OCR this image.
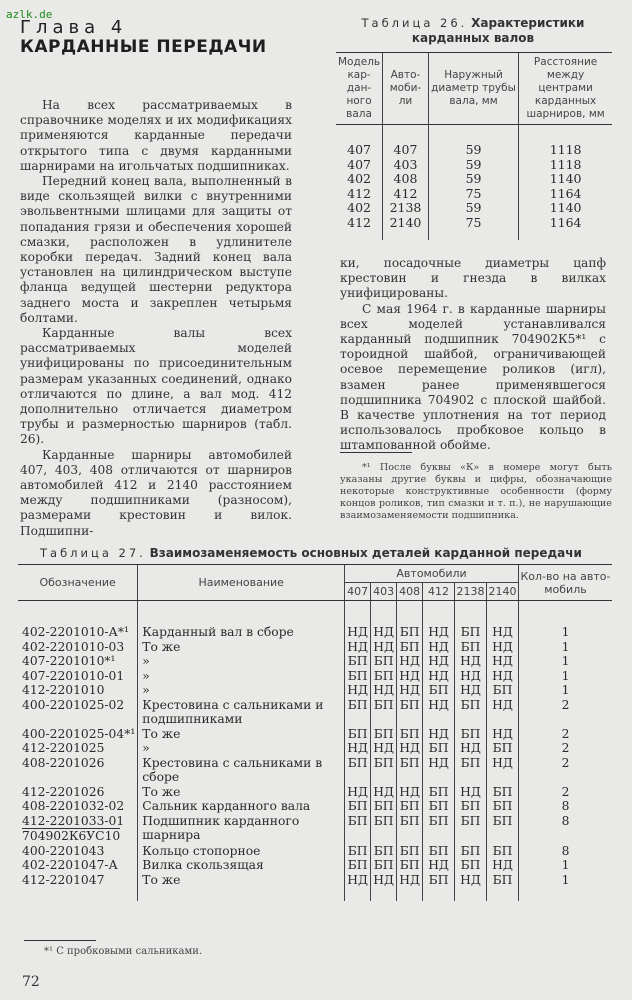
azlk.de
Глава 4
КАРДАННЫЕ ПЕРЕДАЧИ

На всех рассматриваемых в справочнике моделях и их модификациях применяются карданные передачи открытого типа с двумя карданными шарнирами на игольчатых подшипниках.

Передний конец вала, выполненный в виде скользящей вилки с внутренними эвольвентными шлицами для защиты от попадания грязи и обеспечения хорошей смазки, расположен в удлинителе коробки передач. Задний конец вала установлен на цилиндрическом выступе фланца ведущей шестерни редуктора заднего моста и закреплен четырьмя болтами.

Карданные валы всех рассматриваемых моделей унифицированы по присоединительным размерам указанных соединений, однако отличаются по длине, а вал мод. 412 дополнительно отличается диаметром трубы и размерностью шарниров (табл. 26).

Карданные шарниры автомобилей 407, 403, 408 отличаются от шарниров автомобилей 412 и 2140 расстоянием между подшипниками (разносом), размерами крестовин и вилок. Подшипни-

Таблица 26. Характеристики карданных валов
Модель кар- дан- ного вала	Авто- моби- ли	Наружный диаметр трубы вала, мм	Расстояние между центрами карданных шарниров, мм
407	407	59	1118
407	403	59	1118
402	408	59	1140
412	412	75	1164
402	2138	59	1140
412	2140	75	1164

ки, посадочные диаметры цапф крестовин и гнезда в вилках унифицированы.

С мая 1964 г. в карданные шарниры всех моделей устанавливался карданный подшипник 704902К5*¹ с тороидной шайбой, ограничивающей осевое перемещение роликов (игл), взамен ранее применявшегося подшипника 704902 с плоской шайбой. В качестве уплотнения на тот период использовалось пробковое кольцо в штампованной обойме.

*¹ После буквы «К» в номере могут быть указаны другие буквы и цифры, обозначающие некоторые конструктивные особенности (форму концов роликов, тип смазки и т. п.), не нарушающие взаимозаменяемости подшипника.
Таблица 27. Взаимозаменяемость основных деталей карданной передачи
Обозначение	Наименование	Автомобили						Кол-во на авто- мобиль
		407	403	408	412	2138	2140	
402-2201010-А*¹	Карданный вал в сборе	НД	НД	БП	НД	БП	НД	1
402-2201010-03	То же	НД	НД	БП	НД	БП	НД	1
407-2201010*¹	»	БП	БП	НД	НД	НД	НД	1
407-2201010-01	»	БП	БП	НД	НД	НД	НД	1
412-2201010	»	НД	НД	НД	БП	НД	БП	1
400-2201025-02	Крестовина с сальниками и подшипниками	БП	БП	БП	НД	БП	НД	2
400-2201025-04*¹	То же	БП	БП	БП	НД	БП	НД	2
412-2201025	»	НД	НД	НД	БП	НД	БП	2
408-2201026	Крестовина с сальниками в сборе	БП	БП	БП	НД	БП	НД	2
412-2201026	То же	НД	НД	НД	БП	НД	БП	2
408-2201032-02	Сальник карданного вала	БП	БП	БП	БП	БП	БП	8
412-2201033-01
704902К6УС10	Подшипник карданного шарнира	БП	БП	БП	БП	БП	БП	8
400-2201043	Кольцо стопорное	БП	БП	БП	БП	БП	БП	8
402-2201047-А	Вилка скользящая	БП	БП	БП	НД	БП	НД	1
412-2201047	То же	НД	НД	НД	БП	НД	БП	1
*¹ С пробковыми сальниками.
72
